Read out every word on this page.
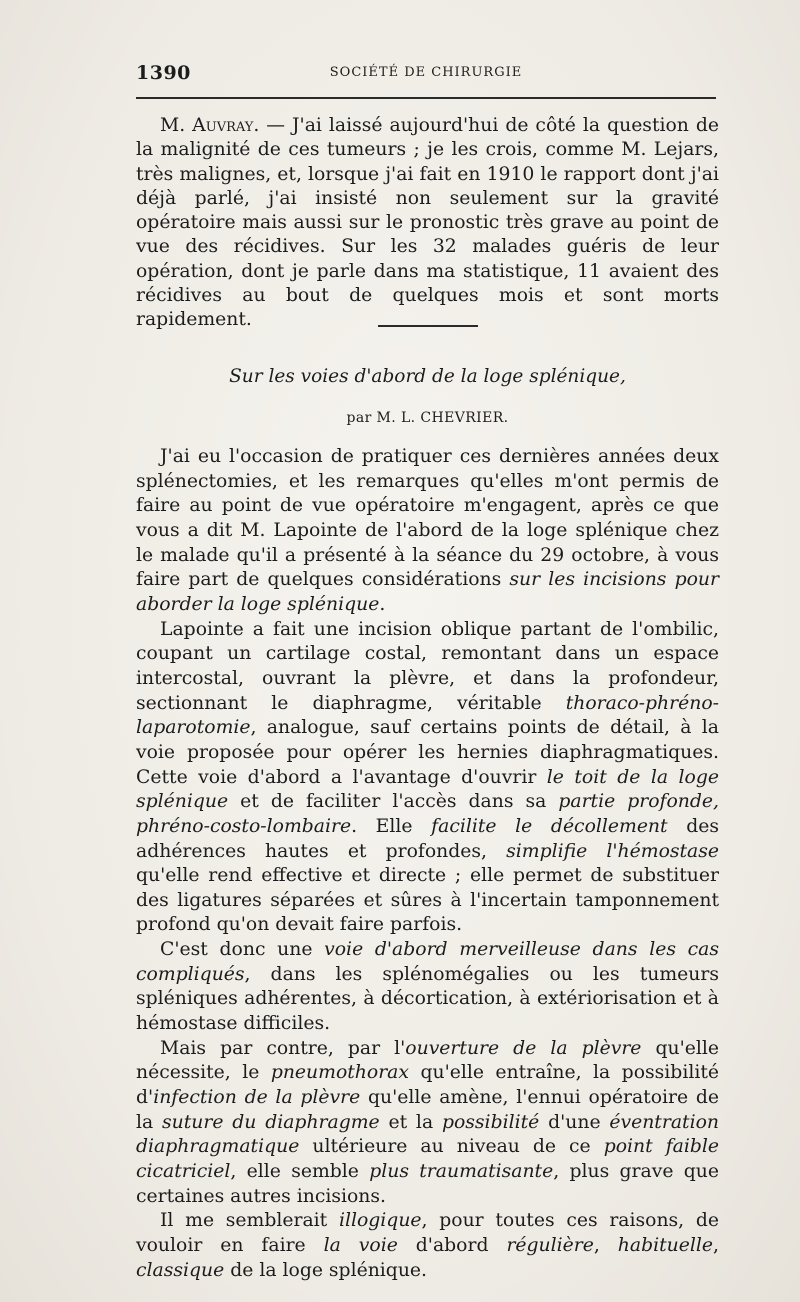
1390	SOCIÉTÉ DE CHIRURGIE

M. Auvray. — J'ai laissé aujourd'hui de côté la question de la malignité de ces tumeurs ; je les crois, comme M. Lejars, très malignes, et, lorsque j'ai fait en 1910 le rapport dont j'ai déjà parlé, j'ai insisté non seulement sur la gravité opératoire mais aussi sur le pronostic très grave au point de vue des récidives. Sur les 32 malades guéris de leur opération, dont je parle dans ma statistique, 11 avaient des récidives au bout de quelques mois et sont morts rapidement.

Sur les voies d'abord de la loge splénique,
par M. L. CHEVRIER.

J'ai eu l'occasion de pratiquer ces dernières années deux splénectomies, et les remarques qu'elles m'ont permis de faire au point de vue opératoire m'engagent, après ce que vous a dit M. Lapointe de l'abord de la loge splénique chez le malade qu'il a présenté à la séance du 29 octobre, à vous faire part de quelques considérations sur les incisions pour aborder la loge splénique.

Lapointe a fait une incision oblique partant de l'ombilic, coupant un cartilage costal, remontant dans un espace intercostal, ouvrant la plèvre, et dans la profondeur, sectionnant le diaphragme, véritable thoraco-phréno-laparotomie, analogue, sauf certains points de détail, à la voie proposée pour opérer les hernies diaphragmatiques. Cette voie d'abord a l'avantage d'ouvrir le toit de la loge splénique et de faciliter l'accès dans sa partie profonde, phréno-costo-lombaire. Elle facilite le décollement des adhérences hautes et profondes, simplifie l'hémostase qu'elle rend effective et directe ; elle permet de substituer des ligatures séparées et sûres à l'incertain tamponnement profond qu'on devait faire parfois.

C'est donc une voie d'abord merveilleuse dans les cas compliqués, dans les splénomégalies ou les tumeurs spléniques adhérentes, à décortication, à extériorisation et à hémostase difficiles.

Mais par contre, par l'ouverture de la plèvre qu'elle nécessite, le pneumothorax qu'elle entraîne, la possibilité d'infection de la plèvre qu'elle amène, l'ennui opératoire de la suture du diaphragme et la possibilité d'une éventration diaphragmatique ultérieure au niveau de ce point faible cicatriciel, elle semble plus traumatisante, plus grave que certaines autres incisions.

Il me semblerait illogique, pour toutes ces raisons, de vouloir en faire la voie d'abord régulière, habituelle, classique de la loge splénique.
